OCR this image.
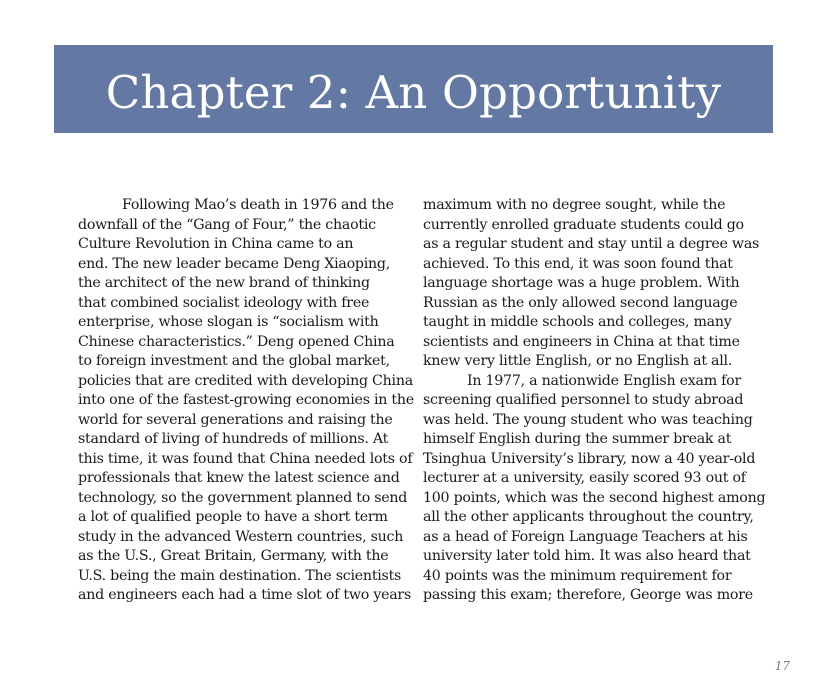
Chapter 2: An Opportunity
Following Mao’s death in 1976 and the
downfall of the “Gang of Four,” the chaotic
Culture Revolution in China came to an
end. The new leader became Deng Xiaoping,
the architect of the new brand of thinking
that combined socialist ideology with free
enterprise, whose slogan is “socialism with
Chinese characteristics.” Deng opened China
to foreign investment and the global market,
policies that are credited with developing China
into one of the fastest-growing economies in the
world for several generations and raising the
standard of living of hundreds of millions. At
this time, it was found that China needed lots of
professionals that knew the latest science and
technology, so the government planned to send
a lot of qualified people to have a short term
study in the advanced Western countries, such
as the U.S., Great Britain, Germany, with the
U.S. being the main destination. The scientists
and engineers each had a time slot of two years
maximum with no degree sought, while the
currently enrolled graduate students could go
as a regular student and stay until a degree was
achieved. To this end, it was soon found that
language shortage was a huge problem. With
Russian as the only allowed second language
taught in middle schools and colleges, many
scientists and engineers in China at that time
knew very little English, or no English at all.
In 1977, a nationwide English exam for
screening qualified personnel to study abroad
was held. The young student who was teaching
himself English during the summer break at
Tsinghua University’s library, now a 40 year-old
lecturer at a university, easily scored 93 out of
100 points, which was the second highest among
all the other applicants throughout the country,
as a head of Foreign Language Teachers at his
university later told him. It was also heard that
40 points was the minimum requirement for
passing this exam; therefore, George was more
17
